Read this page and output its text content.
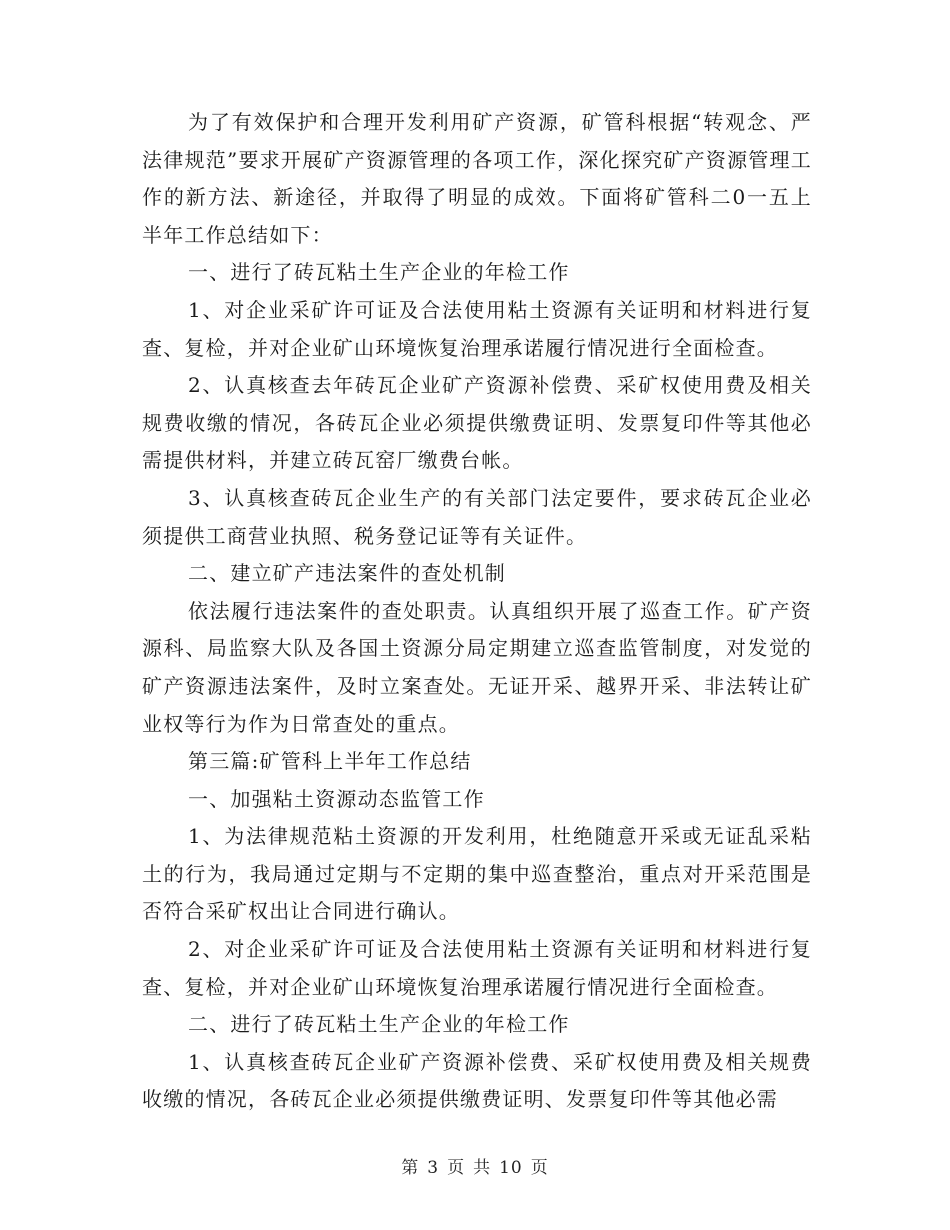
为了有效保护和合理开发利用矿产资源，矿管科根据“转观念、严法律规范”要求开展矿产资源管理的各项工作，深化探究矿产资源管理工作的新方法、新途径，并取得了明显的成效。下面将矿管科二0一五上半年工作总结如下：

一、进行了砖瓦粘土生产企业的年检工作

1、对企业采矿许可证及合法使用粘土资源有关证明和材料进行复查、复检，并对企业矿山环境恢复治理承诺履行情况进行全面检查。

2、认真核查去年砖瓦企业矿产资源补偿费、采矿权使用费及相关规费收缴的情况，各砖瓦企业必须提供缴费证明、发票复印件等其他必需提供材料，并建立砖瓦窑厂缴费台帐。

3、认真核查砖瓦企业生产的有关部门法定要件，要求砖瓦企业必须提供工商营业执照、税务登记证等有关证件。

二、建立矿产违法案件的查处机制

依法履行违法案件的查处职责。认真组织开展了巡查工作。矿产资源科、局监察大队及各国土资源分局定期建立巡查监管制度，对发觉的矿产资源违法案件，及时立案查处。无证开采、越界开采、非法转让矿业权等行为作为日常查处的重点。

第三篇:矿管科上半年工作总结

一、加强粘土资源动态监管工作

1、为法律规范粘土资源的开发利用，杜绝随意开采或无证乱采粘土的行为，我局通过定期与不定期的集中巡查整治，重点对开采范围是否符合采矿权出让合同进行确认。

2、对企业采矿许可证及合法使用粘土资源有关证明和材料进行复查、复检，并对企业矿山环境恢复治理承诺履行情况进行全面检查。

二、进行了砖瓦粘土生产企业的年检工作

1、认真核查砖瓦企业矿产资源补偿费、采矿权使用费及相关规费收缴的情况，各砖瓦企业必须提供缴费证明、发票复印件等其他必需

第 3 页 共 10 页
